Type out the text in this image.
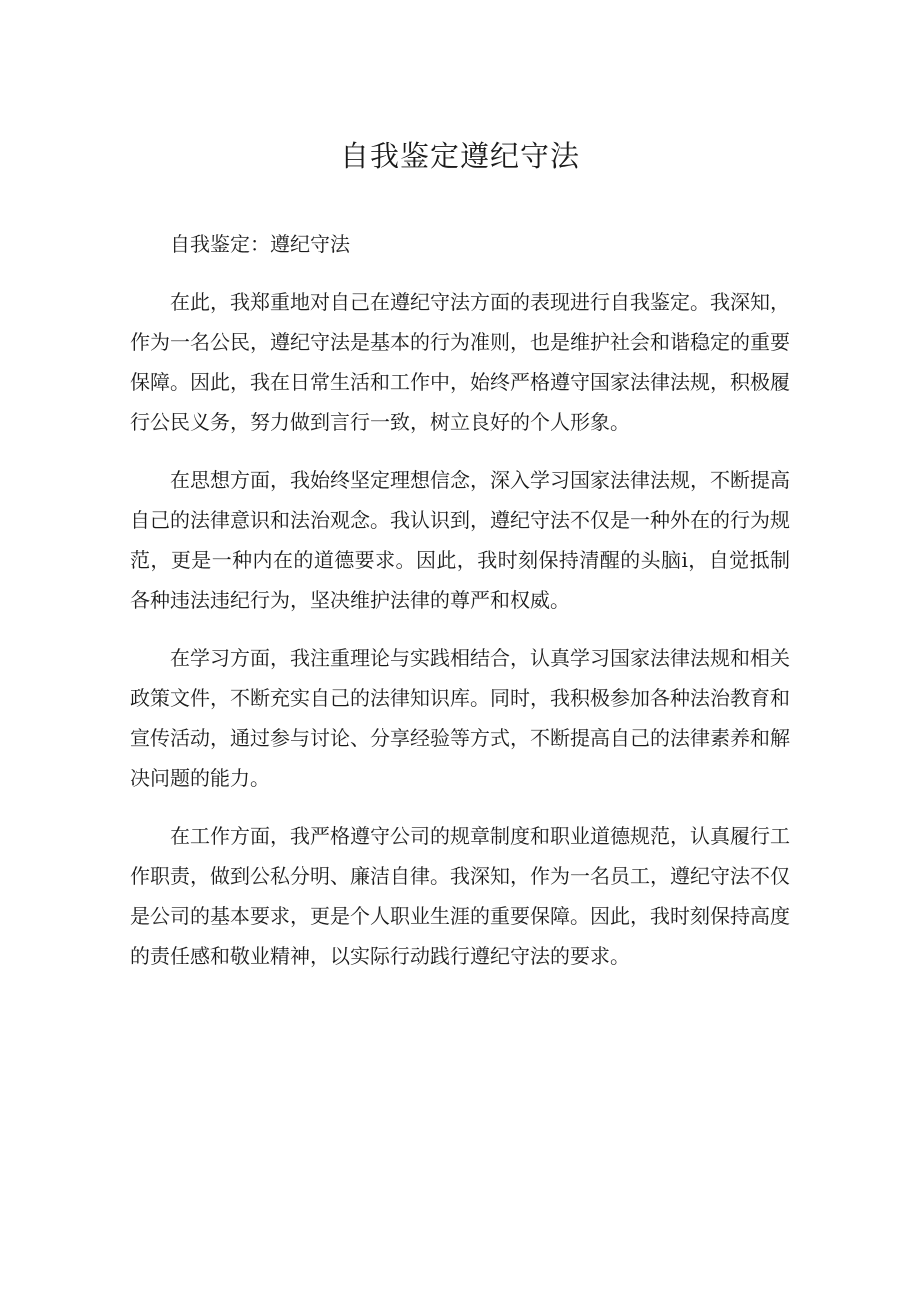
自我鉴定遵纪守法

自我鉴定：遵纪守法

在此，我郑重地对自己在遵纪守法方面的表现进行自我鉴定。我深知，作为一名公民，遵纪守法是基本的行为准则，也是维护社会和谐稳定的重要保障。因此，我在日常生活和工作中，始终严格遵守国家法律法规，积极履行公民义务，努力做到言行一致，树立良好的个人形象。

在思想方面，我始终坚定理想信念，深入学习国家法律法规，不断提高自己的法律意识和法治观念。我认识到，遵纪守法不仅是一种外在的行为规范，更是一种内在的道德要求。因此，我时刻保持清醒的头脑i，自觉抵制各种违法违纪行为，坚决维护法律的尊严和权威。

在学习方面，我注重理论与实践相结合，认真学习国家法律法规和相关政策文件，不断充实自己的法律知识库。同时，我积极参加各种法治教育和宣传活动，通过参与讨论、分享经验等方式，不断提高自己的法律素养和解决问题的能力。

在工作方面，我严格遵守公司的规章制度和职业道德规范，认真履行工作职责，做到公私分明、廉洁自律。我深知，作为一名员工，遵纪守法不仅是公司的基本要求，更是个人职业生涯的重要保障。因此，我时刻保持高度的责任感和敬业精神，以实际行动践行遵纪守法的要求。
